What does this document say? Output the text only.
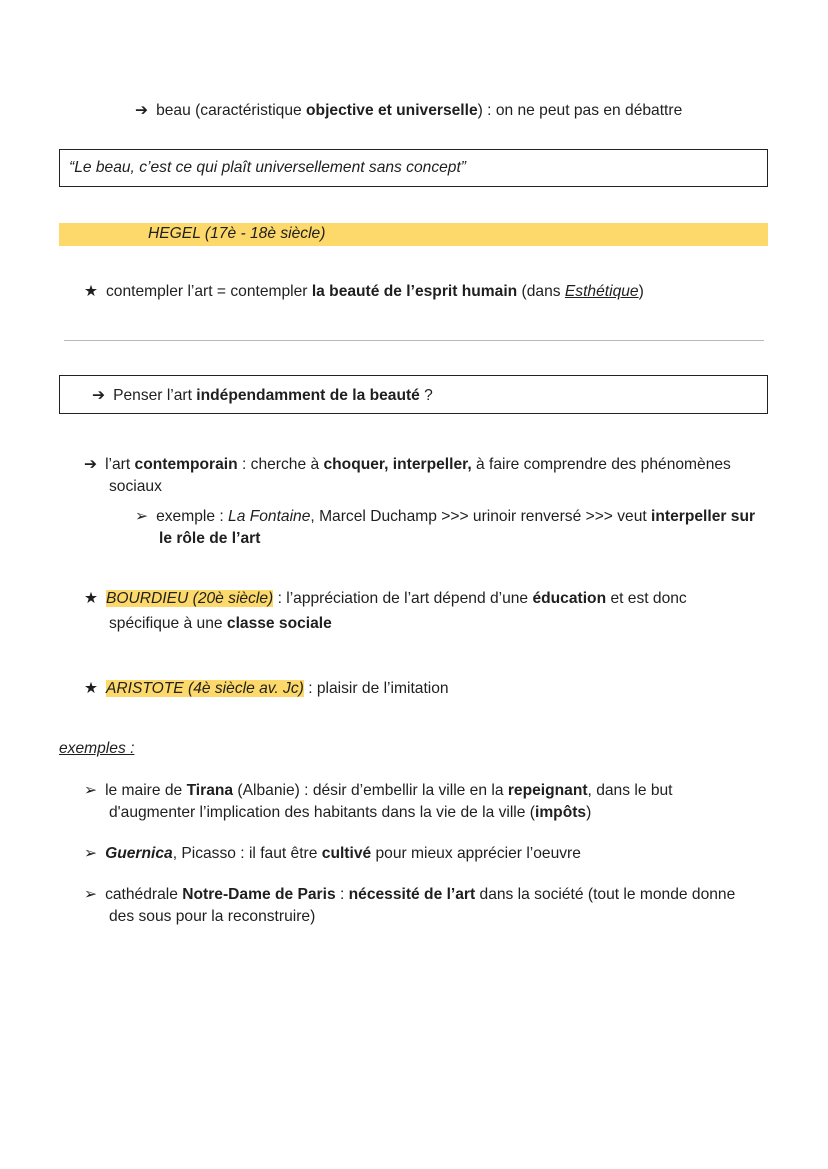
➔ beau (caractéristique objective et universelle) : on ne peut pas en débattre
“Le beau, c’est ce qui plaît universellement sans concept”
HEGEL (17è - 18è siècle)
★ contempler l’art = contempler la beauté de l’esprit humain (dans Esthétique)
➔ Penser l’art indépendamment de la beauté ?
➔ l’art contemporain : cherche à choquer, interpeller, à faire comprendre des phénomènes
sociaux
➢ exemple : La Fontaine, Marcel Duchamp >>> urinoir renversé >>> veut interpeller sur
le rôle de l’art
★ BOURDIEU (20è siècle) : l’appréciation de l’art dépend d’une éducation et est donc
spécifique à une classe sociale
★ ARISTOTE (4è siècle av. Jc) : plaisir de l’imitation
exemples :
➢ le maire de Tirana (Albanie) : désir d’embellir la ville en la repeignant, dans le but
d'augmenter l’implication des habitants dans la vie de la ville (impôts)
➢ Guernica, Picasso : il faut être cultivé pour mieux apprécier l’oeuvre
➢ cathédrale Notre-Dame de Paris : nécessité de l’art dans la société (tout le monde donne
des sous pour la reconstruire)
